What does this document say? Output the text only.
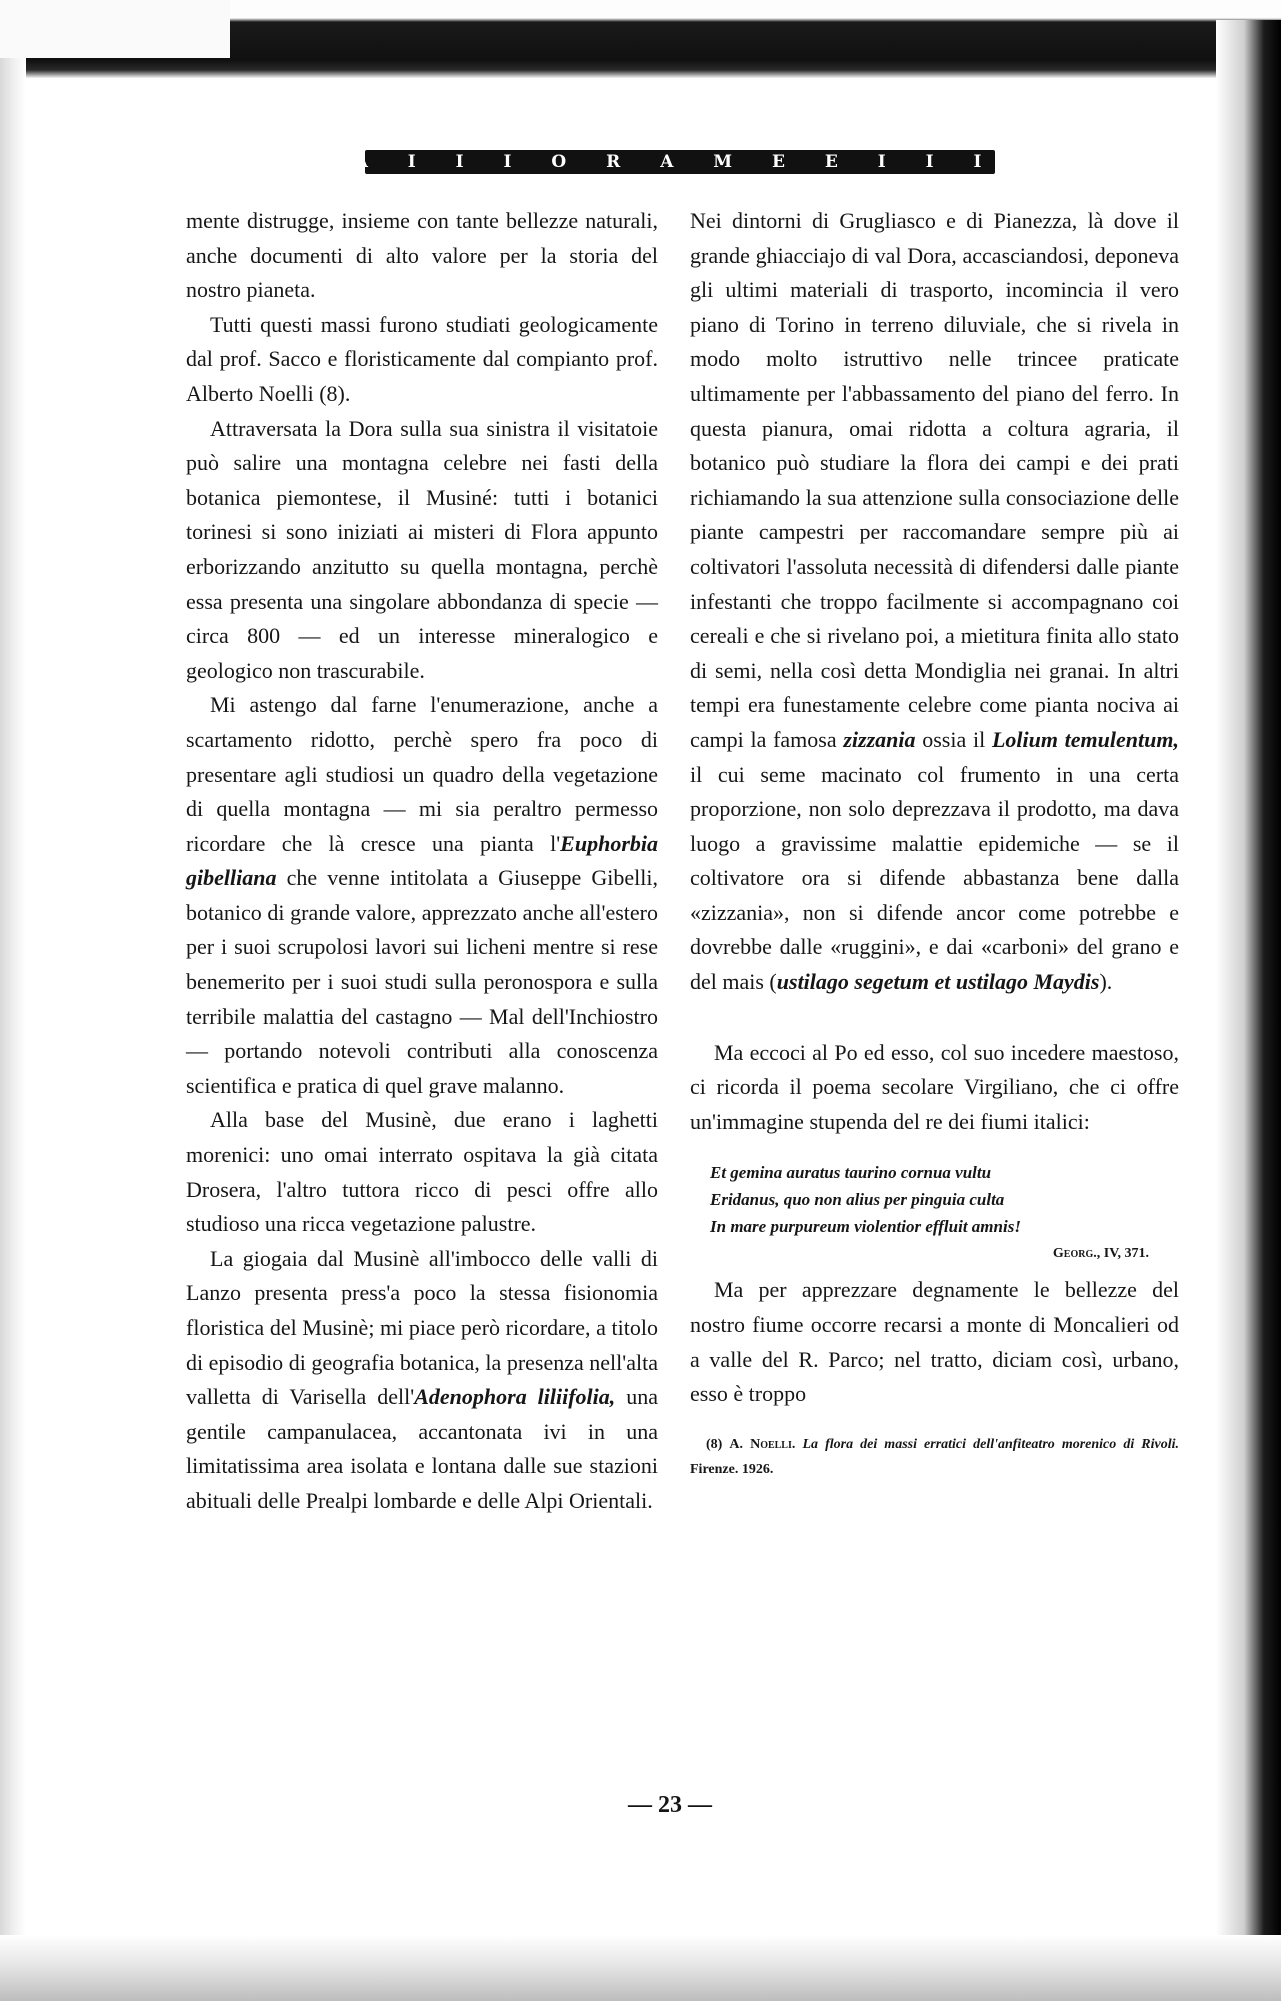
I A I I I O R A M E E I I I K

mente distrugge, insieme con tante bellezze naturali, anche documenti di alto valore per la storia del nostro pianeta.

Tutti questi massi furono studiati geologicamente dal prof. Sacco e floristicamente dal compianto prof. Alberto Noelli (8).

Attraversata la Dora sulla sua sinistra il visitatoie può salire una montagna celebre nei fasti della botanica piemontese, il Musiné: tutti i botanici torinesi si sono iniziati ai misteri di Flora appunto erborizzando anzitutto su quella montagna, perchè essa presenta una singolare abbondanza di specie — circa 800 — ed un interesse mineralogico e geologico non trascurabile.

Mi astengo dal farne l'enumerazione, anche a scartamento ridotto, perchè spero fra poco di presentare agli studiosi un quadro della vegetazione di quella montagna — mi sia peraltro permesso ricordare che là cresce una pianta l'Euphorbia gibelliana che venne intitolata a Giuseppe Gibelli, botanico di grande valore, apprezzato anche all'estero per i suoi scrupolosi lavori sui licheni mentre si rese benemerito per i suoi studi sulla peronospora e sulla terribile malattia del castagno — Mal dell'Inchiostro — portando notevoli contributi alla conoscenza scientifica e pratica di quel grave malanno.

Alla base del Musinè, due erano i laghetti morenici: uno omai interrato ospitava la già citata Drosera, l'altro tuttora ricco di pesci offre allo studioso una ricca vegetazione palustre.

La giogaia dal Musinè all'imbocco delle valli di Lanzo presenta press'a poco la stessa fisionomia floristica del Musinè; mi piace però ricordare, a titolo di episodio di geografia botanica, la presenza nell'alta valletta di Varisella dell'Adenophora liliifolia, una gentile campanulacea, accantonata ivi in una limitatissima area isolata e lontana dalle sue stazioni abituali delle Prealpi lombarde e delle Alpi Orientali.

Nei dintorni di Grugliasco e di Pianezza, là dove il grande ghiacciajo di val Dora, accasciandosi, deponeva gli ultimi materiali di trasporto, incomincia il vero piano di Torino in terreno diluviale, che si rivela in modo molto istruttivo nelle trincee praticate ultimamente per l'abbassamento del piano del ferro. In questa pianura, omai ridotta a coltura agraria, il botanico può studiare la flora dei campi e dei prati richiamando la sua attenzione sulla consociazione delle piante campestri per raccomandare sempre più ai coltivatori l'assoluta necessità di difendersi dalle piante infestanti che troppo facilmente si accompagnano coi cereali e che si rivelano poi, a mietitura finita allo stato di semi, nella così detta Mondiglia nei granai. In altri tempi era funestamente celebre come pianta nociva ai campi la famosa zizzania ossia il Lolium temulentum, il cui seme macinato col frumento in una certa proporzione, non solo deprezzava il prodotto, ma dava luogo a gravissime malattie epidemiche — se il coltivatore ora si difende abbastanza bene dalla «zizzania», non si difende ancor come potrebbe e dovrebbe dalle «ruggini», e dai «carboni» del grano e del mais (ustilago segetum et ustilago Maydis).

Ma eccoci al Po ed esso, col suo incedere maestoso, ci ricorda il poema secolare Virgiliano, che ci offre un'immagine stupenda del re dei fiumi italici:

Et gemina auratus taurino cornua vultu
Eridanus, quo non alius per pinguia culta
In mare purpureum violentior effluit amnis!
Georg., IV, 371.

Ma per apprezzare degnamente le bellezze del nostro fiume occorre recarsi a monte di Moncalieri od a valle del R. Parco; nel tratto, diciam così, urbano, esso è troppo

(8) A. Noelli. La flora dei massi erratici dell'anfiteatro morenico di Rivoli. Firenze. 1926.
— 23 —
